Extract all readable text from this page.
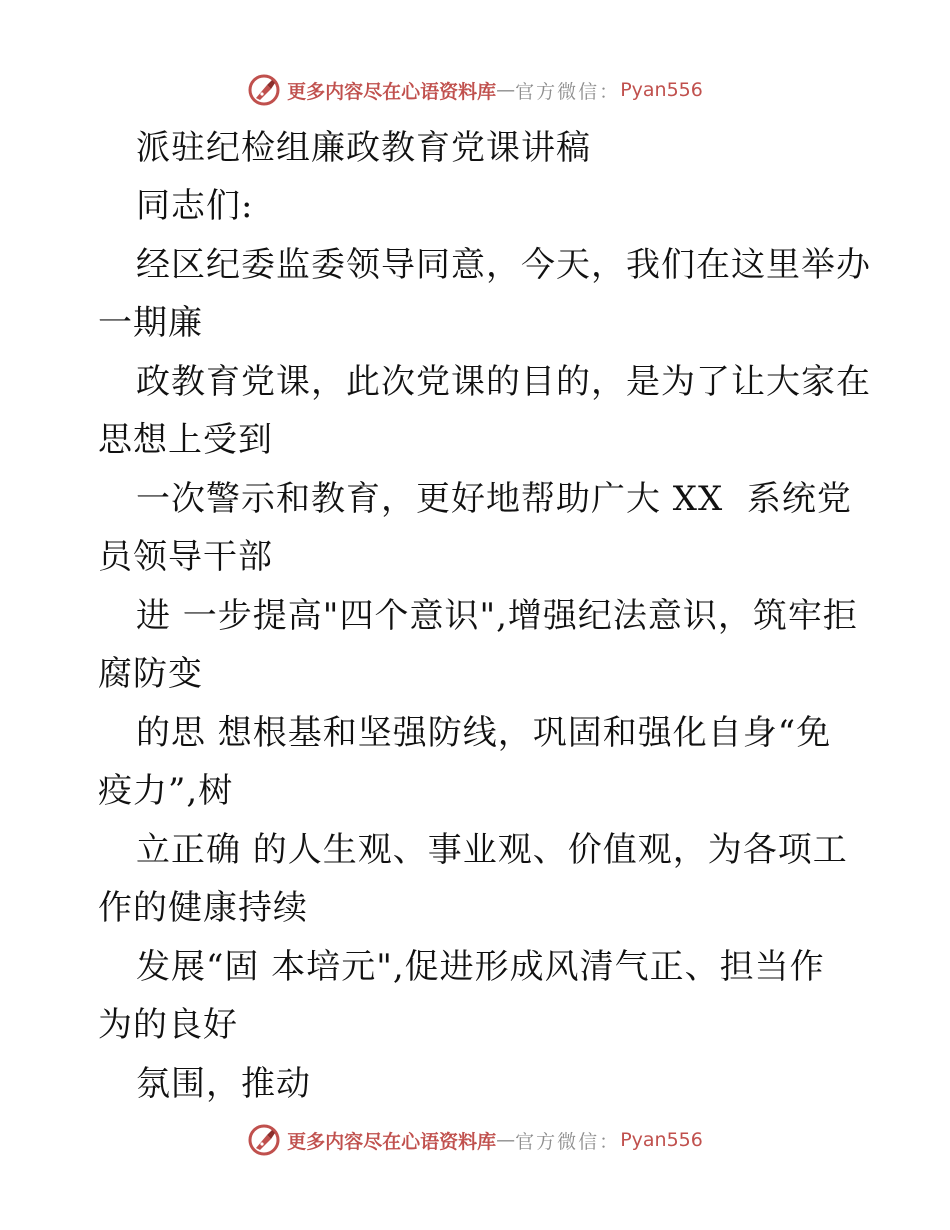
更多内容尽在心语资料库 — 官方微信： Pyan556
派驻纪检组廉政教育党课讲稿
同志们:
经区纪委监委领导同意，今天，我们在这里举办
一期廉
政教育党课，此次党课的目的，是为了让大家在
思想上受到
一次警示和教育，更好地帮助广大 XX  系统党
员领导干部
进 一步提高"四个意识",增强纪法意识，筑牢拒
腐防变
的思 想根基和坚强防线，巩固和强化自身“免
疫力”,树
立正确 的人生观、事业观、价值观，为各项工
作的健康持续
发展“固 本培元",促进形成风清气正、担当作
为的良好
氛围，推动
更多内容尽在心语资料库 — 官方微信： Pyan556
